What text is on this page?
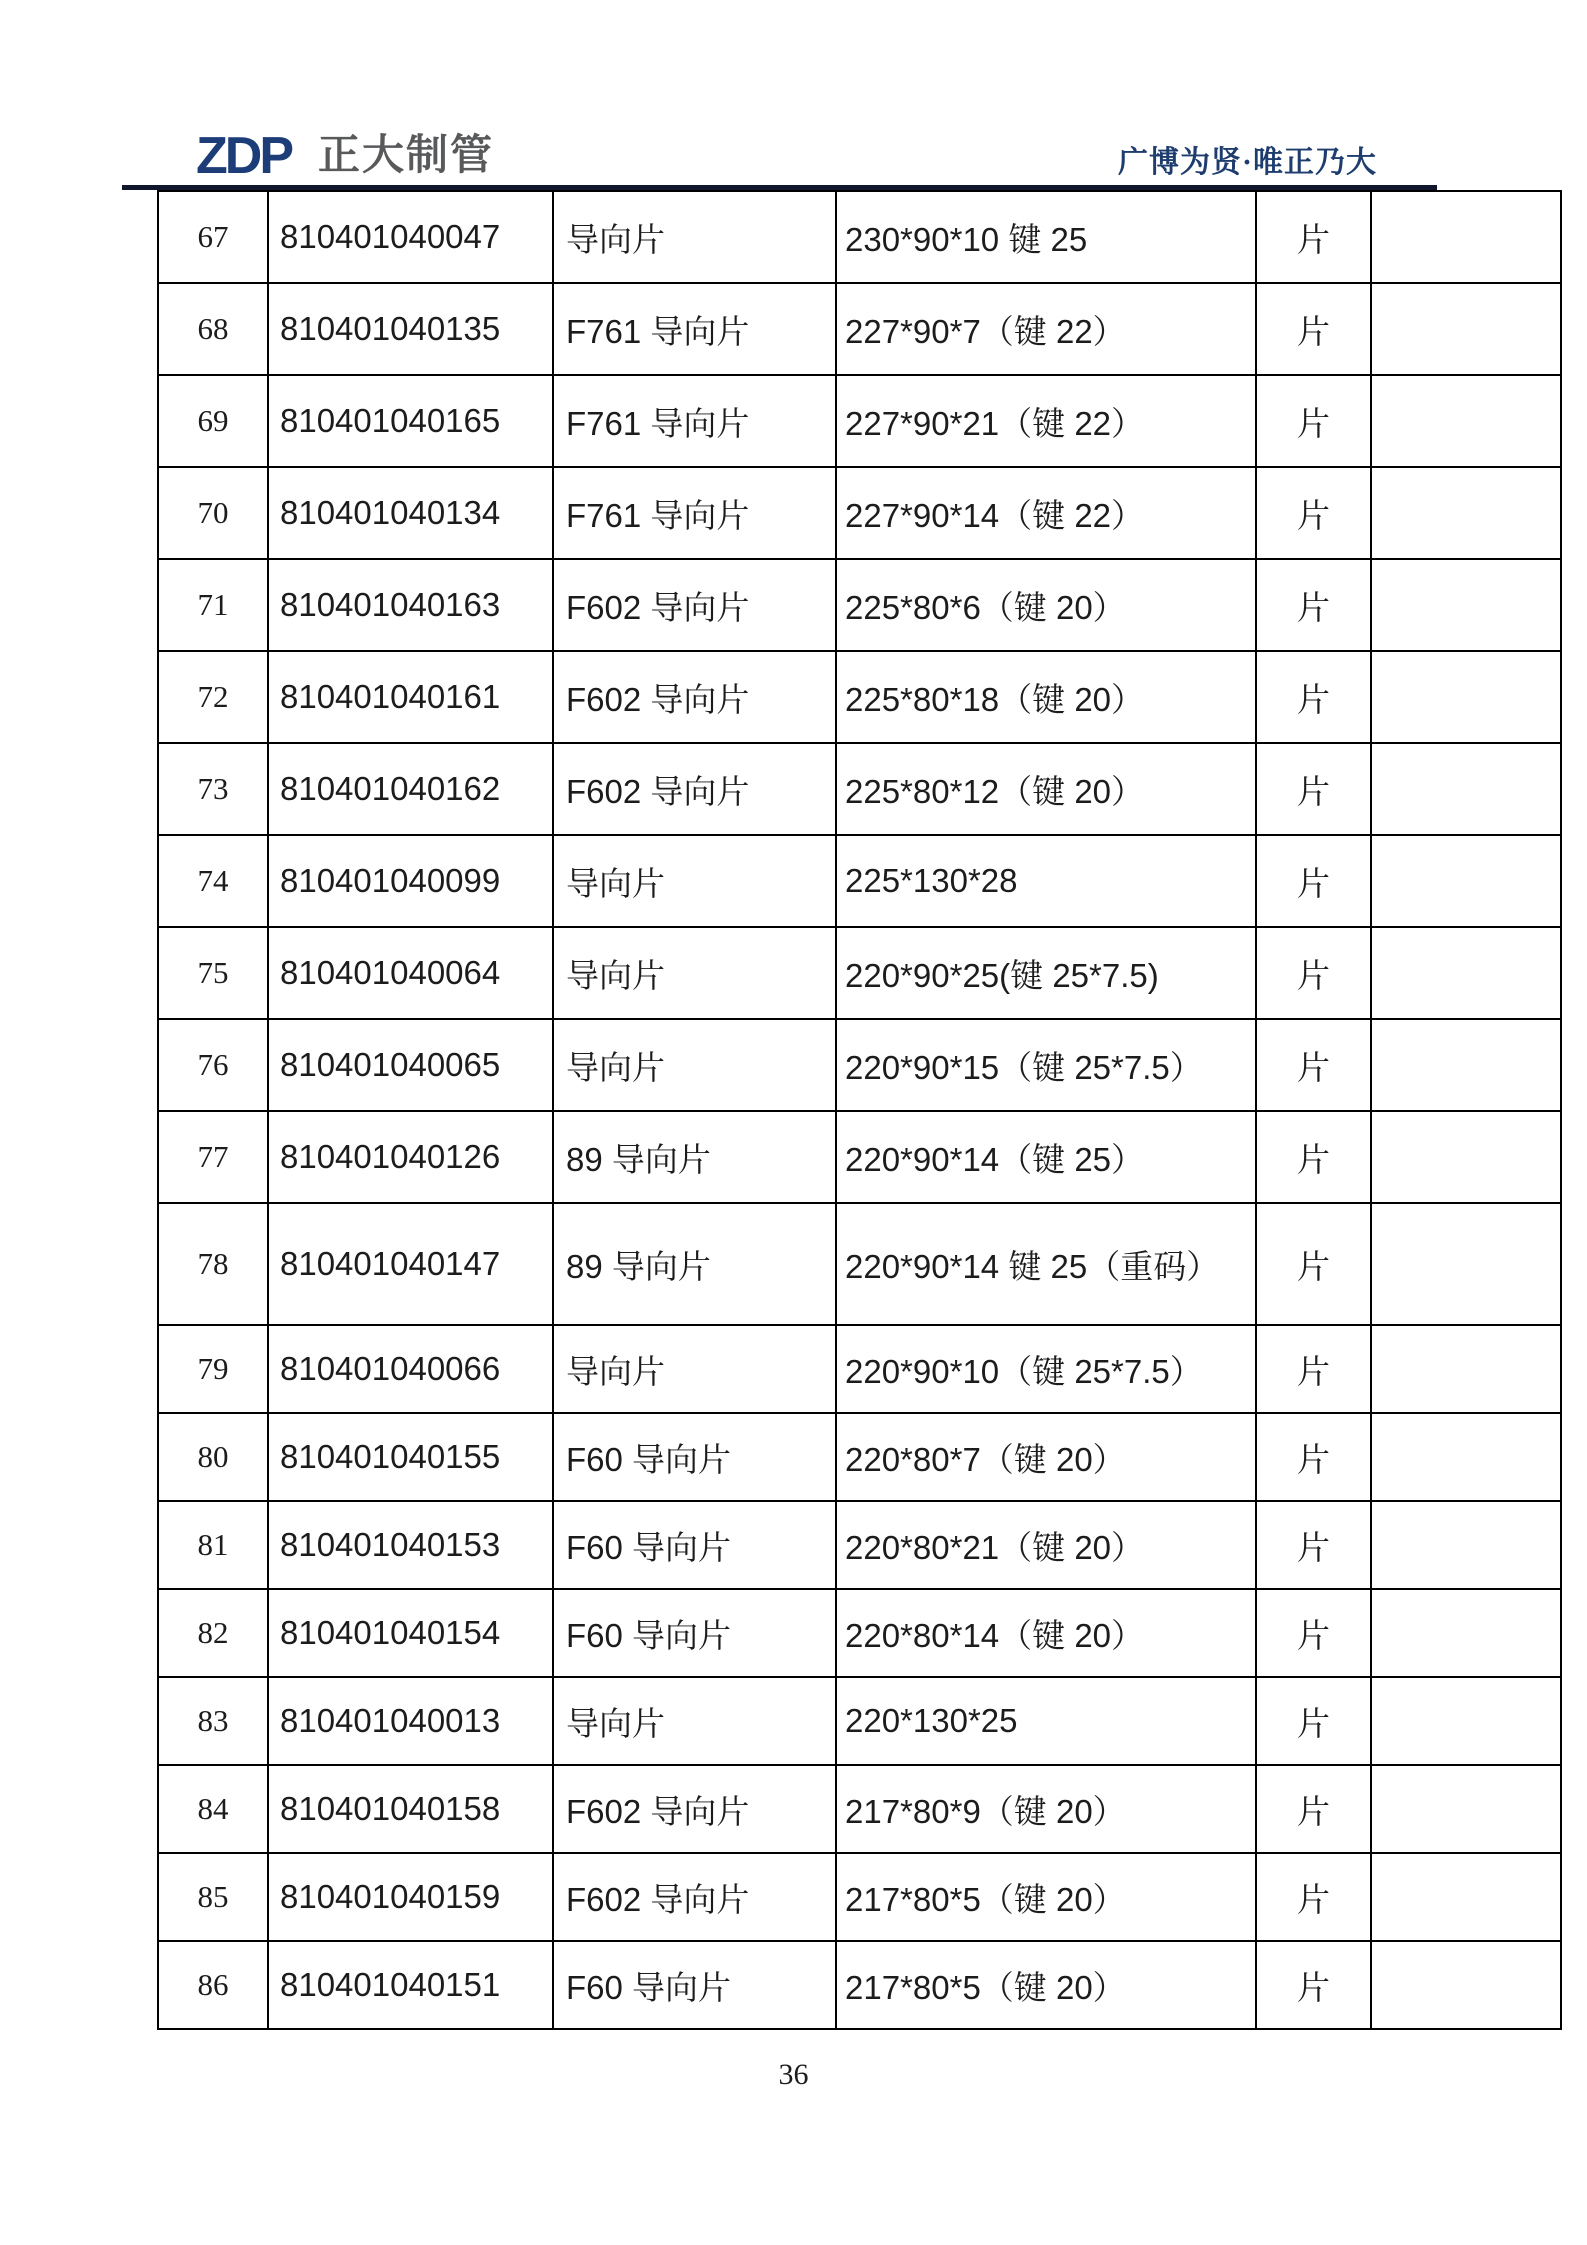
ZDP 正大制管	广博为贤·唯正乃大
67	810401040047	导向片	230*90*10 键 25	片	
68	810401040135	F761 导向片	227*90*7（键 22）	片	
69	810401040165	F761 导向片	227*90*21（键 22）	片	
70	810401040134	F761 导向片	227*90*14（键 22）	片	
71	810401040163	F602 导向片	225*80*6（键 20）	片	
72	810401040161	F602 导向片	225*80*18（键 20）	片	
73	810401040162	F602 导向片	225*80*12（键 20）	片	
74	810401040099	导向片	225*130*28	片	
75	810401040064	导向片	220*90*25(键 25*7.5)	片	
76	810401040065	导向片	220*90*15（键 25*7.5）	片	
77	810401040126	89 导向片	220*90*14（键 25）	片	
78	810401040147	89 导向片	220*90*14 键 25（重码）	片	
79	810401040066	导向片	220*90*10（键 25*7.5）	片	
80	810401040155	F60 导向片	220*80*7（键 20）	片	
81	810401040153	F60 导向片	220*80*21（键 20）	片	
82	810401040154	F60 导向片	220*80*14（键 20）	片	
83	810401040013	导向片	220*130*25	片	
84	810401040158	F602 导向片	217*80*9（键 20）	片	
85	810401040159	F602 导向片	217*80*5（键 20）	片	
86	810401040151	F60 导向片	217*80*5（键 20）	片	
36
